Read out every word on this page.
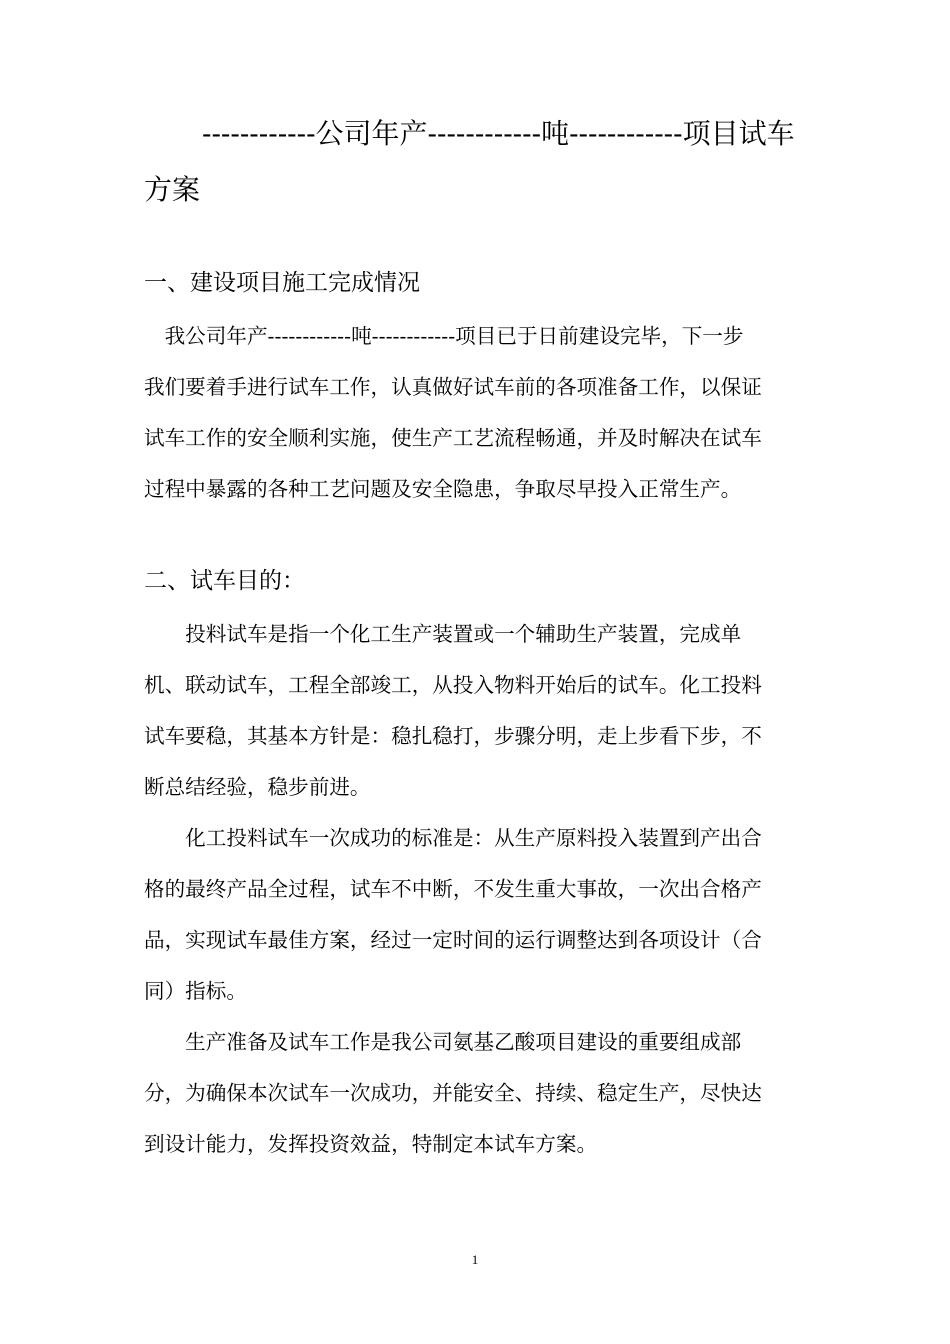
------------公司年产------------吨------------项目试车
方案
一、建设项目施工完成情况

　我公司年产------------吨------------项目已于日前建设完毕，下一步
我们要着手进行试车工作，认真做好试车前的各项准备工作，以保证
试车工作的安全顺利实施，使生产工艺流程畅通，并及时解决在试车
过程中暴露的各种工艺问题及安全隐患，争取尽早投入正常生产。

二、试车目的：

　　投料试车是指一个化工生产装置或一个辅助生产装置，完成单
机、联动试车，工程全部竣工，从投入物料开始后的试车。化工投料
试车要稳，其基本方针是：稳扎稳打，步骤分明，走上步看下步，不
断总结经验，稳步前进。

　　化工投料试车一次成功的标准是：从生产原料投入装置到产出合
格的最终产品全过程，试车不中断，不发生重大事故，一次出合格产
品，实现试车最佳方案，经过一定时间的运行调整达到各项设计（合
同）指标。

　　生产准备及试车工作是我公司氨基乙酸项目建设的重要组成部
分，为确保本次试车一次成功，并能安全、持续、稳定生产，尽快达
到设计能力，发挥投资效益，特制定本试车方案。

1
